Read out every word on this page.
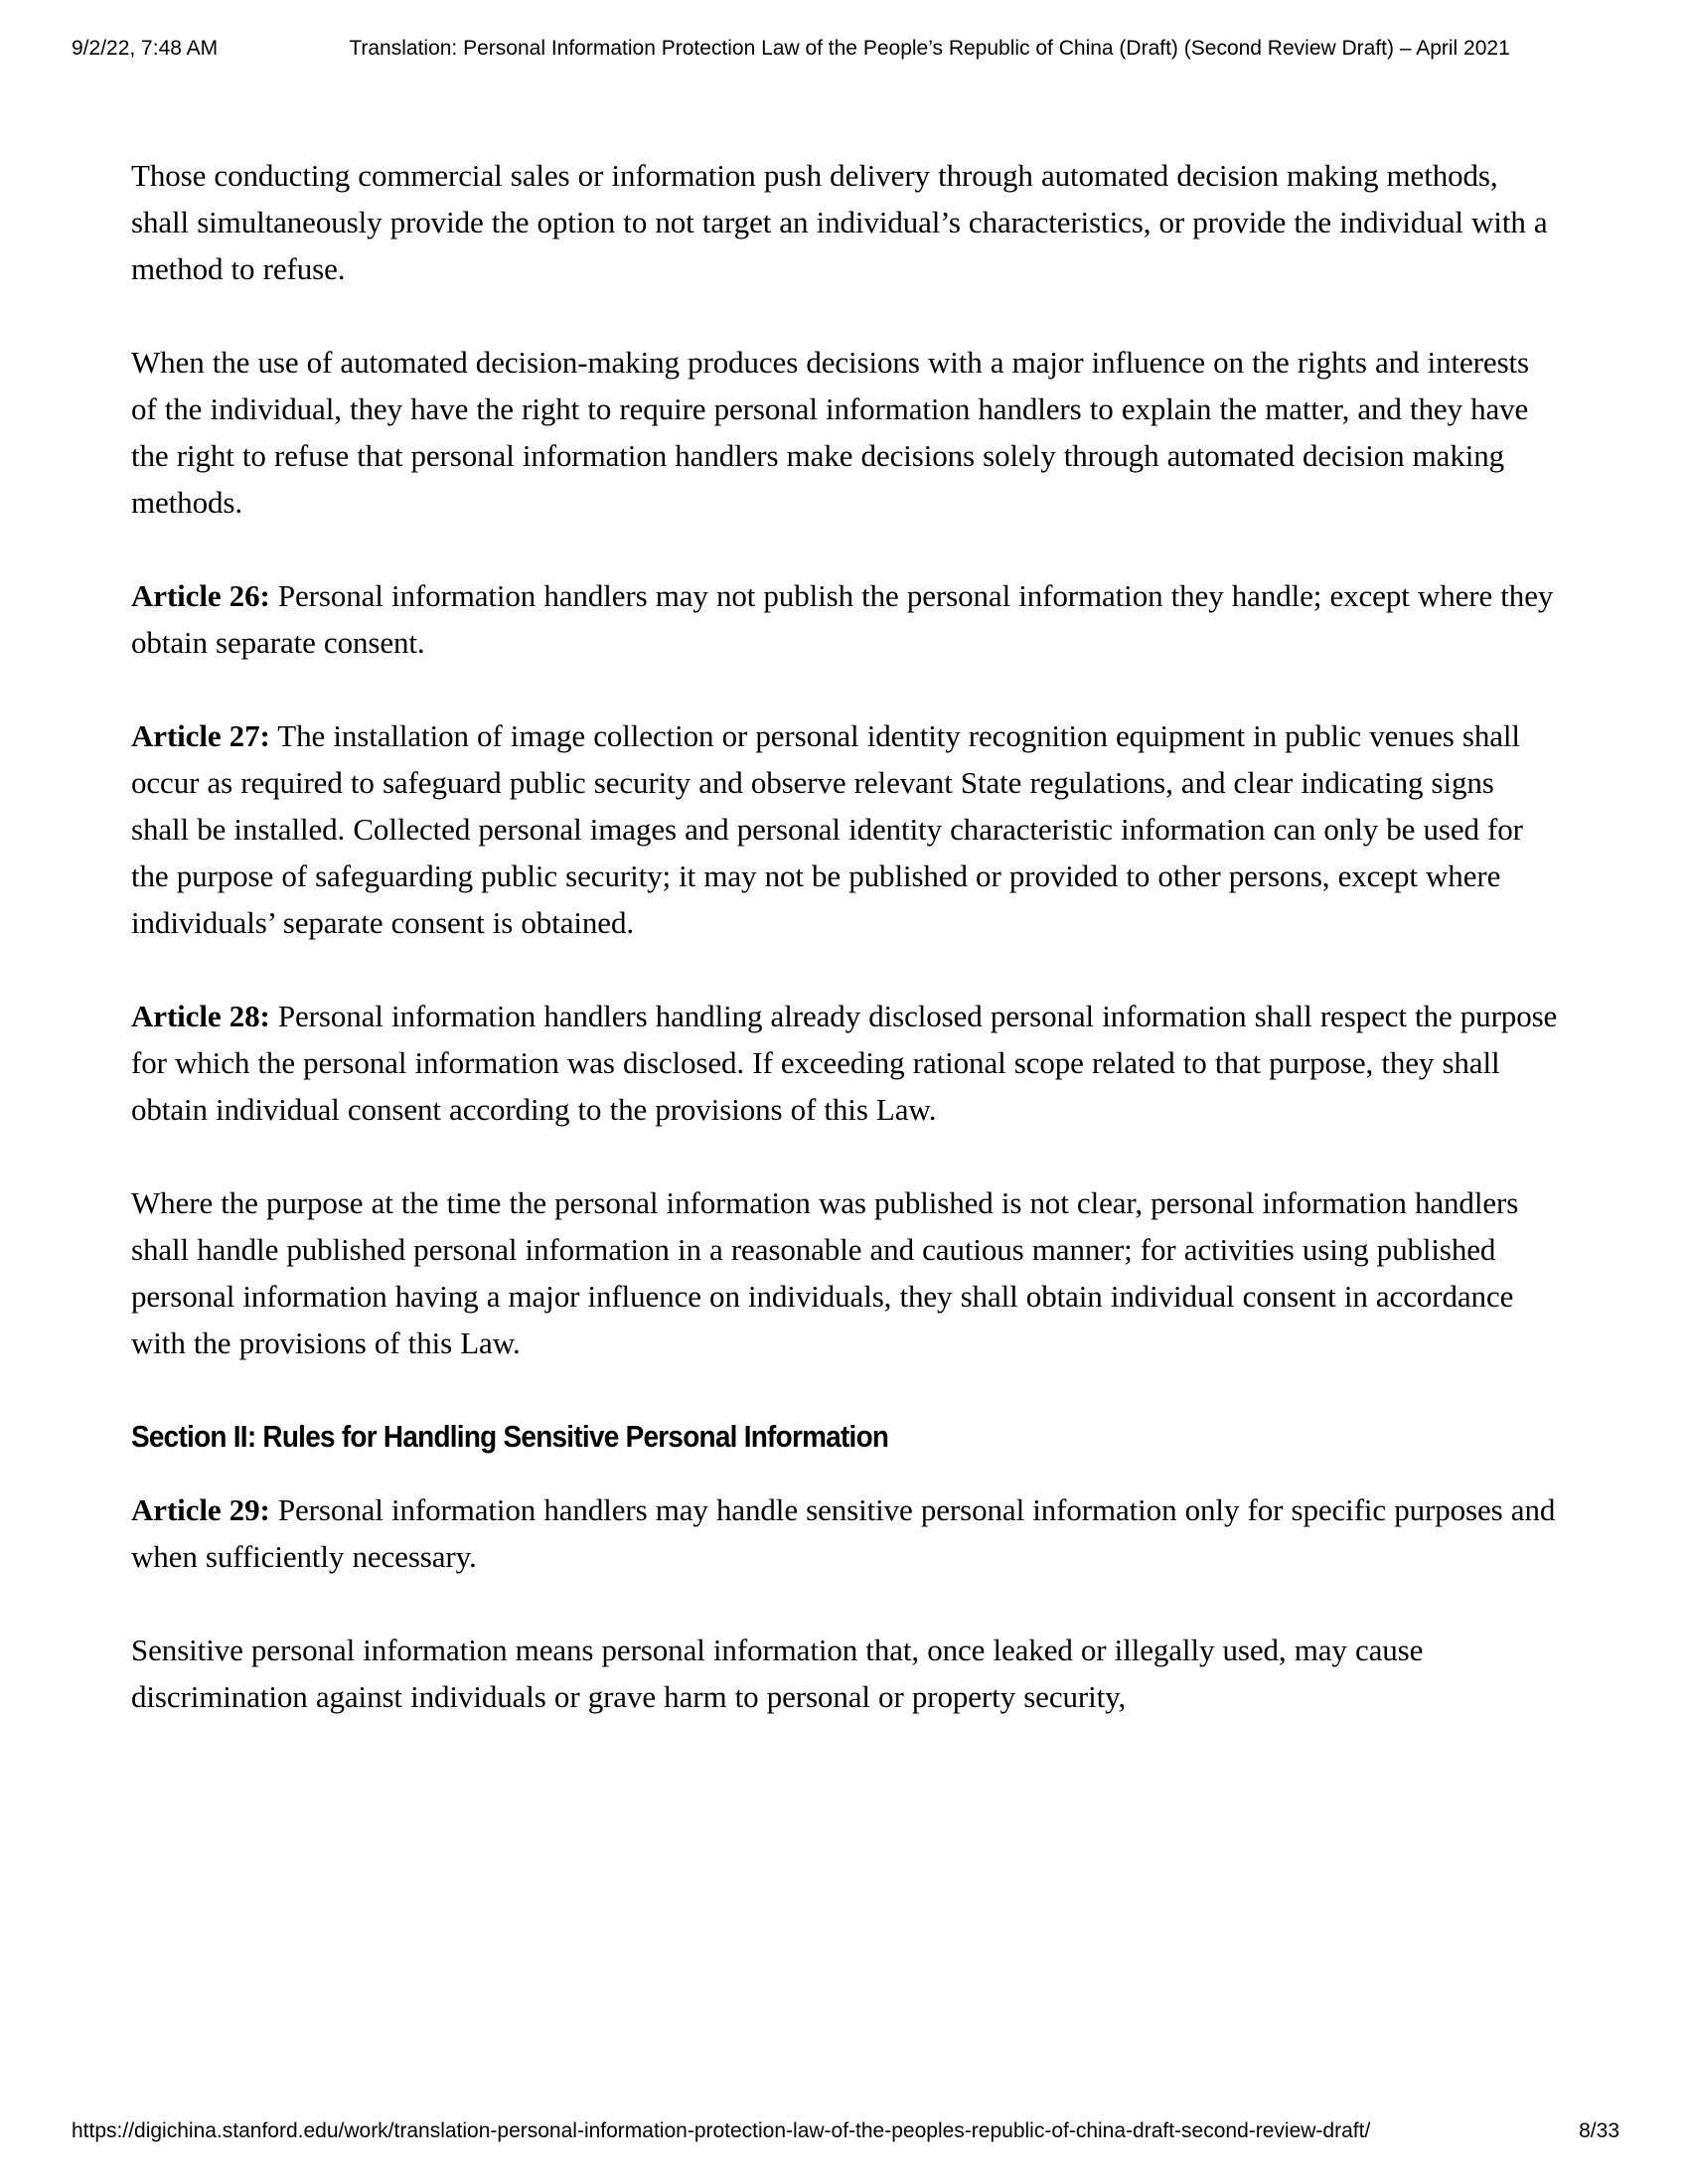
9/2/22, 7:48 AM	Translation: Personal Information Protection Law of the People’s Republic of China (Draft) (Second Review Draft) – April 2021

Those conducting commercial sales or information push delivery through automated decision making methods, shall simultaneously provide the option to not target an individual’s characteristics, or provide the individual with a method to refuse.

When the use of automated decision-making produces decisions with a major influence on the rights and interests of the individual, they have the right to require personal information handlers to explain the matter, and they have the right to refuse that personal information handlers make decisions solely through automated decision making methods.

Article 26: Personal information handlers may not publish the personal information they handle; except where they obtain separate consent.

Article 27: The installation of image collection or personal identity recognition equipment in public venues shall occur as required to safeguard public security and observe relevant State regulations, and clear indicating signs shall be installed. Collected personal images and personal identity characteristic information can only be used for the purpose of safeguarding public security; it may not be published or provided to other persons, except where individuals’ separate consent is obtained.

Article 28: Personal information handlers handling already disclosed personal information shall respect the purpose for which the personal information was disclosed. If exceeding rational scope related to that purpose, they shall obtain individual consent according to the provisions of this Law.

Where the purpose at the time the personal information was published is not clear, personal information handlers shall handle published personal information in a reasonable and cautious manner; for activities using published personal information having a major influence on individuals, they shall obtain individual consent in accordance with the provisions of this Law.

Section II: Rules for Handling Sensitive Personal Information

Article 29: Personal information handlers may handle sensitive personal information only for specific purposes and when sufficiently necessary.

Sensitive personal information means personal information that, once leaked or illegally used, may cause discrimination against individuals or grave harm to personal or property security,

https://digichina.stanford.edu/work/translation-personal-information-protection-law-of-the-peoples-republic-of-china-draft-second-review-draft/	8/33
